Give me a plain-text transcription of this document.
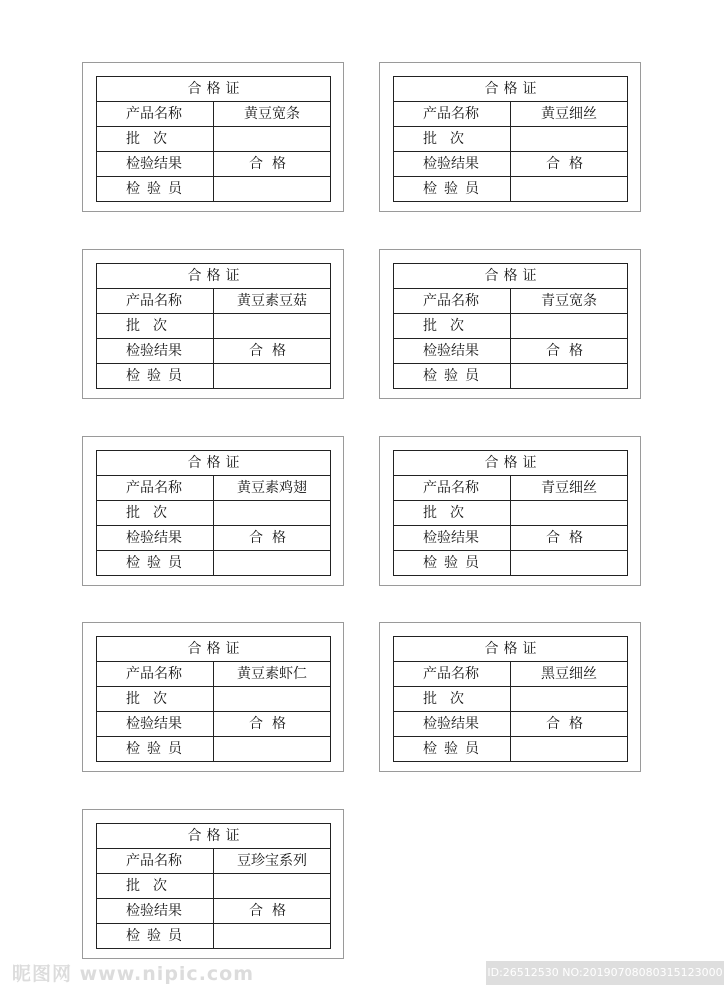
合格证	
产品名称	黄豆宽条
批次	
检验结果	合格
检验员	
合格证	
产品名称	黄豆细丝
批次	
检验结果	合格
检验员	
合格证	
产品名称	黄豆素豆菇
批次	
检验结果	合格
检验员	
合格证	
产品名称	青豆宽条
批次	
检验结果	合格
检验员	
合格证	
产品名称	黄豆素鸡翅
批次	
检验结果	合格
检验员	
合格证	
产品名称	青豆细丝
批次	
检验结果	合格
检验员	
合格证	
产品名称	黄豆素虾仁
批次	
检验结果	合格
检验员	
合格证	
产品名称	黑豆细丝
批次	
检验结果	合格
检验员	
合格证	
产品名称	豆珍宝系列
批次	
检验结果	合格
检验员	
昵图网 www.nipic.com	ID:26512530 NO:20190708080315123000
